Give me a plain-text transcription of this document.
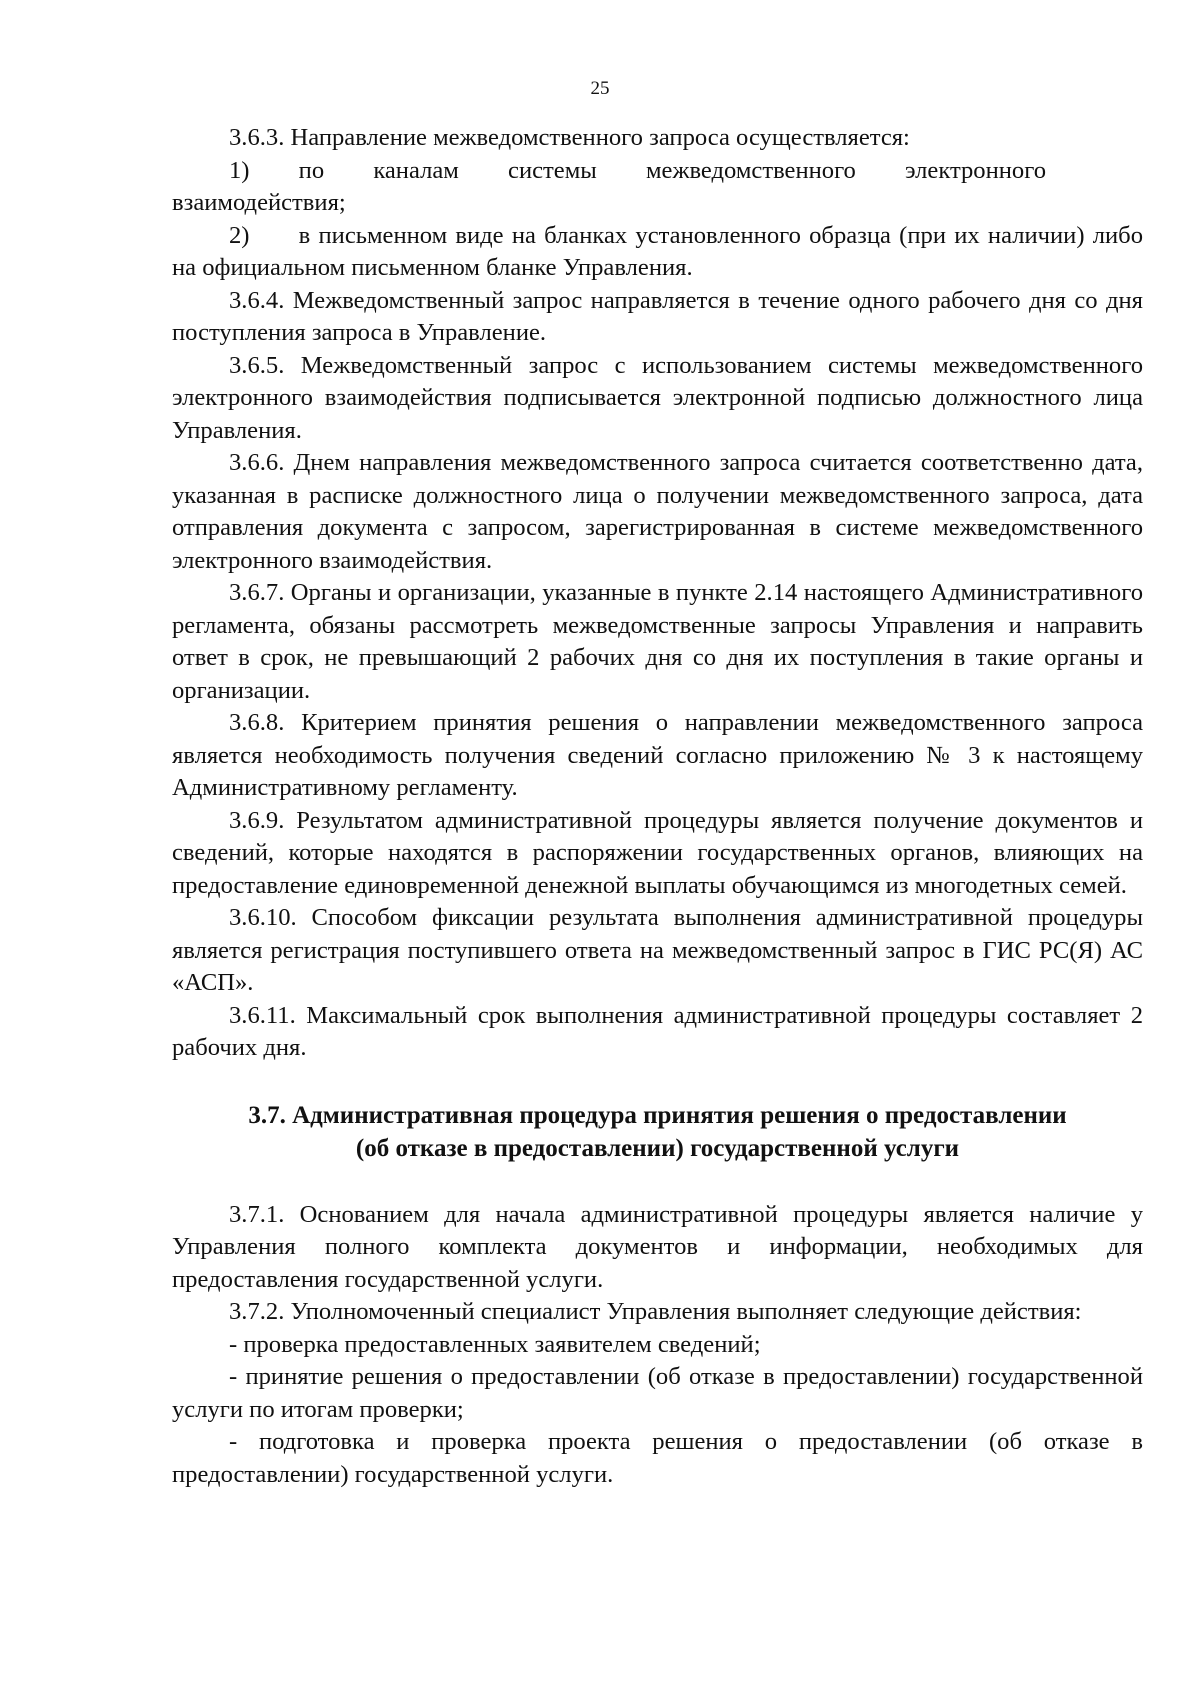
25

3.6.3. Направление межведомственного запроса осуществляется:

1)  по  каналам  системы  межведомственного  электронного взаимодействия;

2)  в письменном виде на бланках установленного образца (при их наличии) либо на официальном письменном бланке Управления.

3.6.4. Межведомственный запрос направляется в течение одного рабочего дня со дня поступления запроса в Управление.

3.6.5. Межведомственный запрос с использованием системы межведомственного электронного взаимодействия подписывается электронной подписью должностного лица Управления.

3.6.6. Днем направления межведомственного запроса считается соответственно дата, указанная в расписке должностного лица о получении межведомственного запроса, дата отправления документа с запросом, зарегистрированная в системе межведомственного электронного взаимодействия.

3.6.7. Органы и организации, указанные в пункте 2.14 настоящего Административного регламента, обязаны рассмотреть межведомственные запросы Управления и направить ответ в срок, не превышающий 2 рабочих дня со дня их поступления в такие органы и организации.

3.6.8. Критерием принятия решения о направлении межведомственного запроса является необходимость получения сведений согласно приложению № 3 к настоящему Административному регламенту.

3.6.9. Результатом административной процедуры является получение документов и сведений, которые находятся в распоряжении государственных органов, влияющих на предоставление единовременной денежной выплаты обучающимся из многодетных семей.

3.6.10. Способом фиксации результата выполнения административной процедуры является регистрация поступившего ответа на межведомственный запрос в ГИС РС(Я) АС «АСП».

3.6.11. Максимальный срок выполнения административной процедуры составляет 2 рабочих дня.

3.7. Административная процедура принятия решения о предоставлении
(об отказе в предоставлении) государственной услуги

3.7.1. Основанием для начала административной процедуры является наличие у Управления полного комплекта документов и информации, необходимых для предоставления государственной услуги.

3.7.2. Уполномоченный специалист Управления выполняет следующие действия:

- проверка предоставленных заявителем сведений;

- принятие решения о предоставлении (об отказе в предоставлении) государственной услуги по итогам проверки;

- подготовка и проверка проекта решения о предоставлении (об отказе в предоставлении) государственной услуги.
